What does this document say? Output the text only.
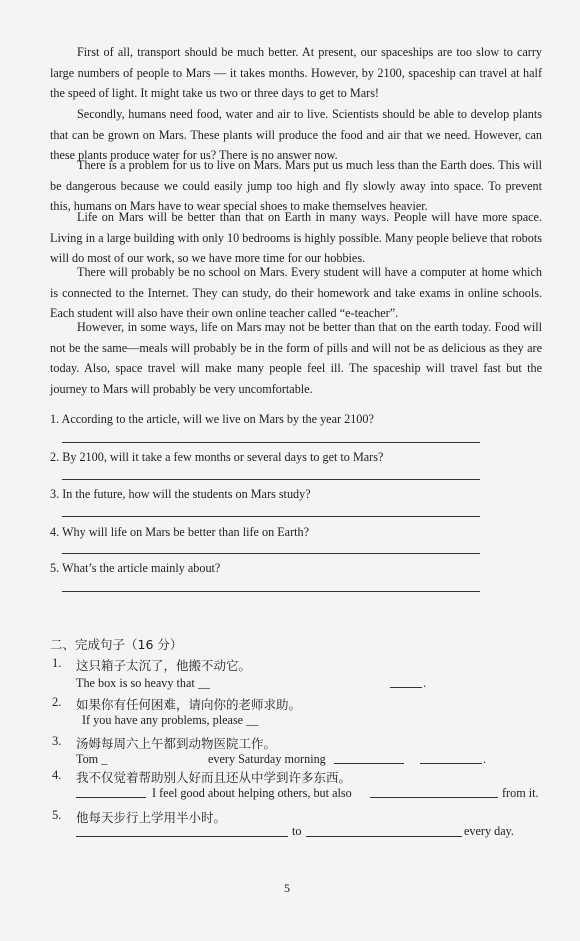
First of all, transport should be much better. At present, our spaceships are too slow to carry large numbers of people to Mars — it takes months. However, by 2100, spaceship can travel at half the speed of light. It might take us two or three days to get to Mars!

Secondly, humans need food, water and air to live. Scientists should be able to develop plants that can be grown on Mars. These plants will produce the food and air that we need. However, can these plants produce water for us? There is no answer now.

There is a problem for us to live on Mars. Mars put us much less than the Earth does. This will be dangerous because we could easily jump too high and fly slowly away into space. To prevent this, humans on Mars have to wear special shoes to make themselves heavier.

Life on Mars will be better than that on Earth in many ways. People will have more space. Living in a large building with only 10 bedrooms is highly possible. Many people believe that robots will do most of our work, so we have more time for our hobbies.

There will probably be no school on Mars. Every student will have a computer at home which is connected to the Internet. They can study, do their homework and take exams in online schools. Each student will also have their own online teacher called “e-teacher”.

However, in some ways, life on Mars may not be better than that on the earth today. Food will not be the same—meals will probably be in the form of pills and will not be as delicious as they are today. Also, space travel will make many people feel ill. The spaceship will travel fast but the journey to Mars will probably be very uncomfortable.

1. According to the article, will we live on Mars by the year 2100?
2. By 2100, will it take a few months or several days to get to Mars?
3. In the future, how will the students on Mars study?
4. Why will life on Mars be better than life on Earth?
5. What’s the article mainly about?
二、完成句子（16 分）
1. 这只箱子太沉了，他搬不动它。
The box is so heavy that __	.
2. 如果你有任何困难，请向你的老师求助。
If you have any problems, please __
3. 汤姆每周六上午都到动物医院工作。
Tom _	every Saturday morning	.
4. 我不仅觉着帮助别人好而且还从中学到许多东西。
I feel good about helping others, but also	from it.
5. 他每天步行上学用半小时。
to	every day.
5
